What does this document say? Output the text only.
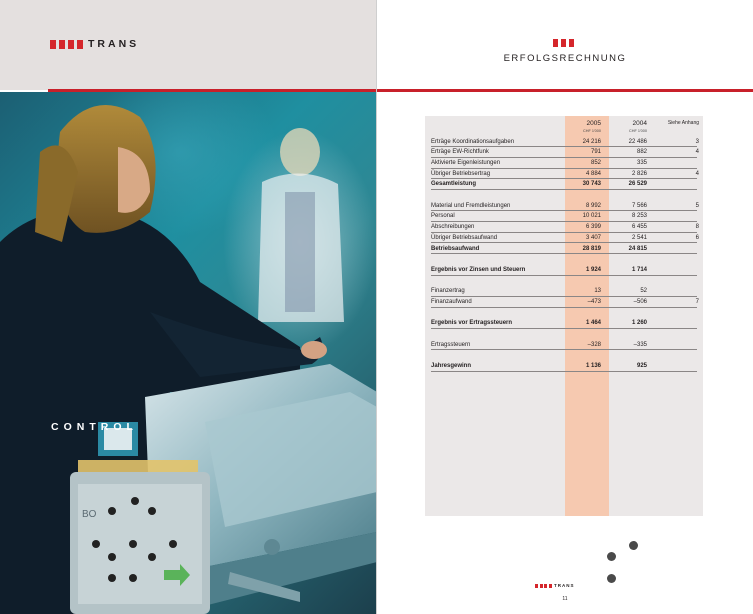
TRANS
BO
CONTROL
ERFOLGSRECHNUNG
2005
CHF 1'000
2004
CHF 1'000
Siehe Anhang
Erträge Koordinationsaufgaben	24 216	22 486	3
Erträge EW-Richtfunk	791	882	4
Aktivierte Eigenleistungen	852	335
Übriger Betriebsertrag	4 884	2 826	4
Gesamtleistung	30 743	26 529
Material und Fremdleistungen	8 992	7 566	5
Personal	10 021	8 253
Abschreibungen	6 399	6 455	8
Übriger Betriebsaufwand	3 407	2 541	6
Betriebsaufwand	28 819	24 815
Ergebnis vor Zinsen und Steuern	1 924	1 714
Finanzertrag	13	52
Finanzaufwand	–473	–506	7
Ergebnis vor Ertragssteuern	1 464	1 260
Ertragssteuern	–328	–335
Jahresgewinn	1 136	925
TRANS
11
